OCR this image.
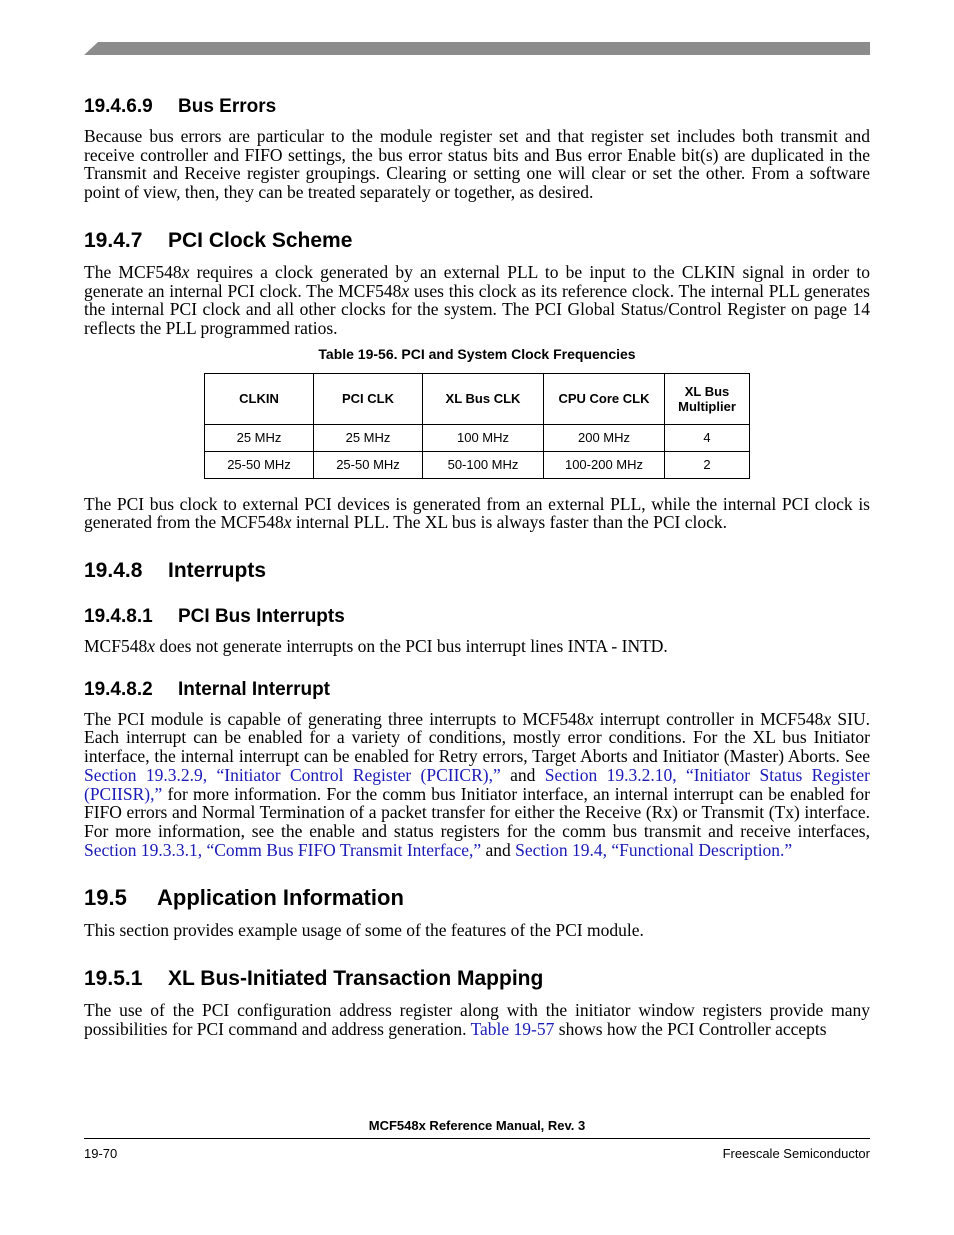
19.4.6.9 Bus Errors

Because bus errors are particular to the module register set and that register set includes both transmit and receive controller and FIFO settings, the bus error status bits and Bus error Enable bit(s) are duplicated in the Transmit and Receive register groupings. Clearing or setting one will clear or set the other. From a software point of view, then, they can be treated separately or together, as desired.

19.4.7 PCI Clock Scheme

The MCF548x requires a clock generated by an external PLL to be input to the CLKIN signal in order to generate an internal PCI clock. The MCF548x uses this clock as its reference clock. The internal PLL generates the internal PCI clock and all other clocks for the system. The PCI Global Status/Control Register on page 14 reflects the PLL programmed ratios.

Table 19-56. PCI and System Clock Frequencies
CLKIN	PCI CLK	XL Bus CLK	CPU Core CLK	XL Bus Multiplier
25 MHz	25 MHz	100 MHz	200 MHz	4
25-50 MHz	25-50 MHz	50-100 MHz	100-200 MHz	2

The PCI bus clock to external PCI devices is generated from an external PLL, while the internal PCI clock is generated from the MCF548x internal PLL. The XL bus is always faster than the PCI clock.

19.4.8 Interrupts
19.4.8.1 PCI Bus Interrupts

MCF548x does not generate interrupts on the PCI bus interrupt lines INTA - INTD.

19.4.8.2 Internal Interrupt

The PCI module is capable of generating three interrupts to MCF548x interrupt controller in MCF548x SIU. Each interrupt can be enabled for a variety of conditions, mostly error conditions. For the XL bus Initiator interface, the internal interrupt can be enabled for Retry errors, Target Aborts and Initiator (Master) Aborts. See Section 19.3.2.9, “Initiator Control Register (PCIICR),” and Section 19.3.2.10, “Initiator Status Register (PCIISR),” for more information. For the comm bus Initiator interface, an internal interrupt can be enabled for FIFO errors and Normal Termination of a packet transfer for either the Receive (Rx) or Transmit (Tx) interface. For more information, see the enable and status registers for the comm bus transmit and receive interfaces, Section 19.3.3.1, “Comm Bus FIFO Transmit Interface,” and Section 19.4, “Functional Description.”

19.5 Application Information

This section provides example usage of some of the features of the PCI module.

19.5.1 XL Bus-Initiated Transaction Mapping

The use of the PCI configuration address register along with the initiator window registers provide many possibilities for PCI command and address generation. Table 19-57 shows how the PCI Controller accepts

MCF548x Reference Manual, Rev. 3
19-70	Freescale Semiconductor
